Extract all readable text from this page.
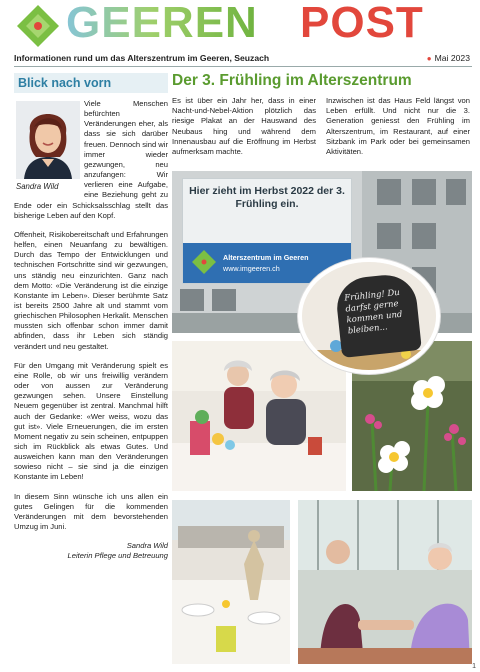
GEEREN POST
Informationen rund um das Alterszentrum im Geeren, Seuzach
●	Mai 2023
Blick nach vorn

Viele Menschen befürchten Veränderungen eher, als dass sie sich darüber freuen. Dennoch sind wir immer wieder gezwungen, neu anzufangen: Wir verlieren eine Aufgabe, eine Beziehung geht zu Ende oder ein Schicksalsschlag stellt das bisherige Leben auf den Kopf.

Offenheit, Risikobereitschaft und Erfahrungen helfen, einen Neuanfang zu bewältigen. Durch das Tempo der Entwicklungen und technischen Fortschritte sind wir gezwungen, uns ständig neu einzurichten. Ganz nach dem Motto: «Die Veränderung ist die einzige Konstante im Leben». Dieser berühmte Satz ist bereits 2500 Jahre alt und stammt vom griechischen Philosophen Herkalit. Menschen mussten sich offenbar schon immer damit abfinden, dass ihr Leben sich ständig verändert und neu gestaltet.

Für den Umgang mit Veränderung spielt es eine Rolle, ob wir uns freiwillig verändern oder von aussen zur Veränderung gezwungen sehen. Unsere Einstellung Neuem gegenüber ist zentral. Manchmal hilft auch der Gedanke: «Wer weiss, wozu das gut ist». Viele Erneuerungen, die im ersten Moment negativ zu sein scheinen, entpuppen sich im Rückblick als etwas Gutes. Und ausweichen kann man den Veränderungen sowieso nicht – sie sind ja die einzigen Konstante im Leben!

In diesem Sinn wünsche ich uns allen ein gutes Gelingen für die kommenden Veränderungen mit dem bevorstehenden Umzug im Juni.

Sandra Wild
Leiterin Pflege und Betreuung
Sandra Wild
Der 3. Frühling im Alterszentrum
Es ist über ein Jahr her, dass in einer Nacht-und-Nebel-Aktion plötzlich das riesige Plakat an der Hauswand des Neubaus hing und während dem Innenausbau auf die Eröffnung im Herbst aufmerksam machte.
Inzwischen ist das Haus Feld längst von Leben erfüllt. Und nicht nur die 3. Generation geniesst den Frühling im Alterszentrum, im Restaurant, auf einer Sitzbank im Park oder bei gemeinsamen Aktivitäten.
Hier zieht im Herbst 2022 der 3. Frühling ein.
Alterszentrum im Geeren
www.imgeeren.ch
Frühling! Du darfst gerne kommen und bleiben...
1
